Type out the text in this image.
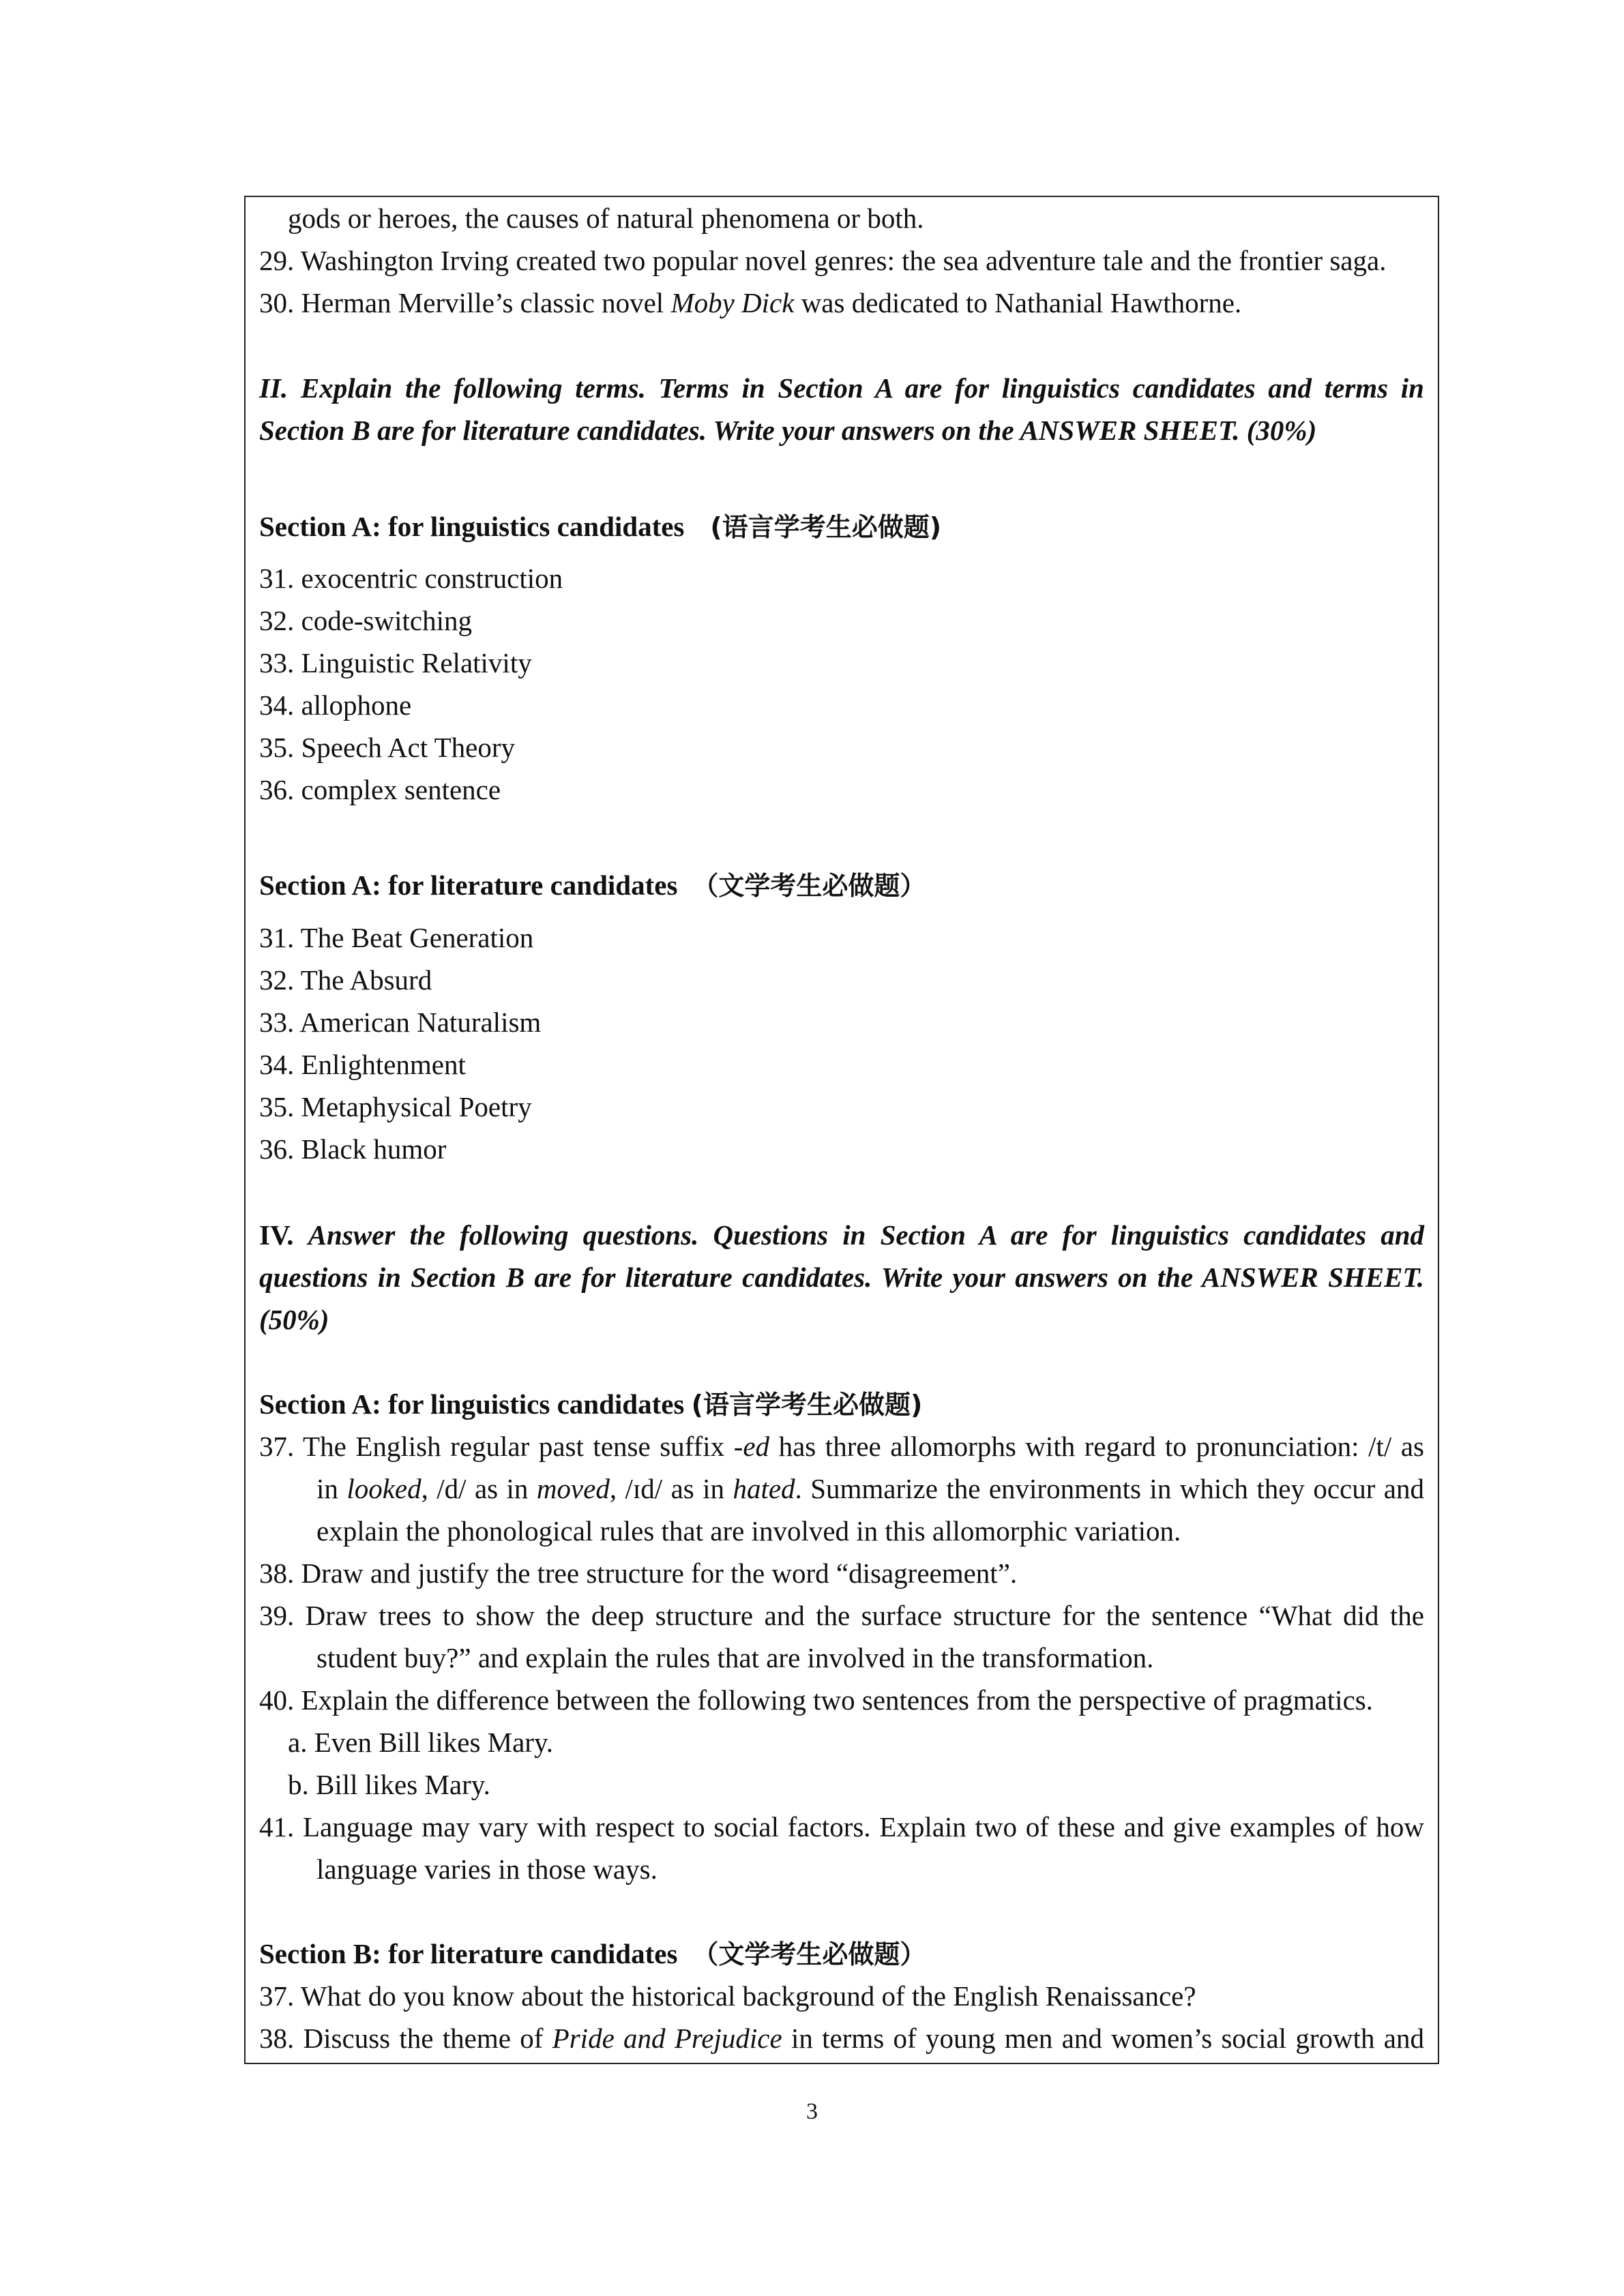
gods or heroes, the causes of natural phenomena or both.
29. Washington Irving created two popular novel genres: the sea adventure tale and the frontier saga.
30. Herman Merville’s classic novel Moby Dick was dedicated to Nathanial Hawthorne.
II. Explain the following terms. Terms in Section A are for linguistics candidates and terms in
Section B are for literature candidates. Write your answers on the ANSWER SHEET. (30%)
Section A: for linguistics candidates (语言学考生必做题)
31. exocentric construction
32. code-switching
33. Linguistic Relativity
34. allophone
35. Speech Act Theory
36. complex sentence
Section A: for literature candidates （文学考生必做题）
31. The Beat Generation
32. The Absurd
33. American Naturalism
34. Enlightenment
35. Metaphysical Poetry
36. Black humor
IV. Answer the following questions. Questions in Section A are for linguistics candidates and
questions in Section B are for literature candidates. Write your answers on the ANSWER SHEET.
(50%)
Section A: for linguistics candidates (语言学考生必做题)
37. The English regular past tense suffix -ed has three allomorphs with regard to pronunciation: /t/ as
in looked, /d/ as in moved, /ɪd/ as in hated. Summarize the environments in which they occur and
explain the phonological rules that are involved in this allomorphic variation.
38. Draw and justify the tree structure for the word “disagreement”.
39. Draw trees to show the deep structure and the surface structure for the sentence “What did the
student buy?” and explain the rules that are involved in the transformation.
40. Explain the difference between the following two sentences from the perspective of pragmatics.
a. Even Bill likes Mary.
b. Bill likes Mary.
41. Language may vary with respect to social factors. Explain two of these and give examples of how
language varies in those ways.
Section B: for literature candidates （文学考生必做题）
37. What do you know about the historical background of the English Renaissance?
38. Discuss the theme of Pride and Prejudice in terms of young men and women’s social growth and
3
